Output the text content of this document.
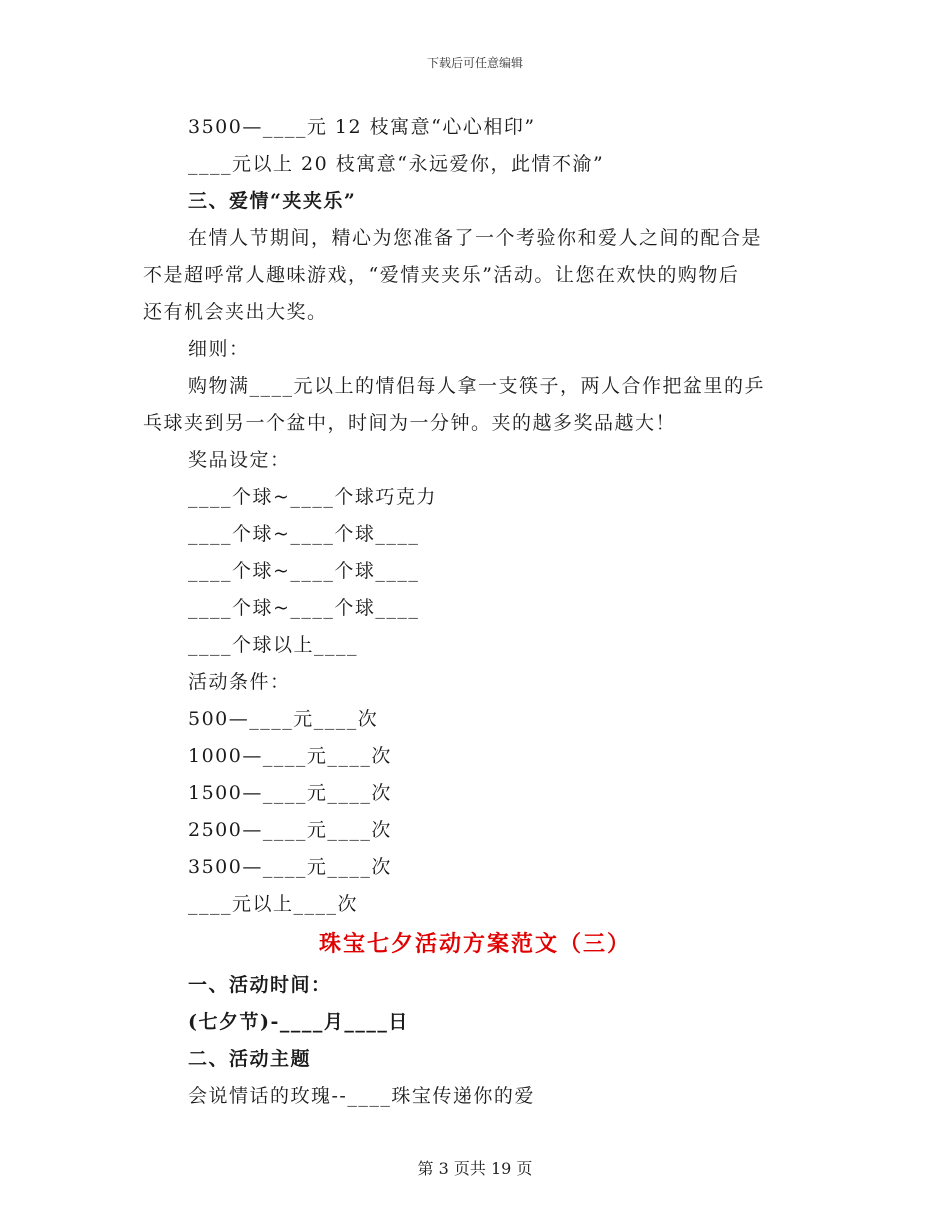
下载后可任意编辑
3500—____元 12 枝寓意“心心相印”
____元以上 20 枝寓意“永远爱你，此情不渝”
三、爱情“夹夹乐”
在情人节期间，精心为您准备了一个考验你和爱人之间的配合是
不是超呼常人趣味游戏，“爱情夹夹乐”活动。让您在欢快的购物后
还有机会夹出大奖。
细则：
购物满____元以上的情侣每人拿一支筷子，两人合作把盆里的乒
乓球夹到另一个盆中，时间为一分钟。夹的越多奖品越大！
奖品设定：
____个球~____个球巧克力
____个球~____个球____
____个球~____个球____
____个球~____个球____
____个球以上____
活动条件：
500—____元____次
1000—____元____次
1500—____元____次
2500—____元____次
3500—____元____次
____元以上____次
珠宝七夕活动方案范文（三）
一、活动时间：
(七夕节)-____月____日
二、活动主题
会说情话的玫瑰--____珠宝传递你的爱
第 3 页共 19 页
